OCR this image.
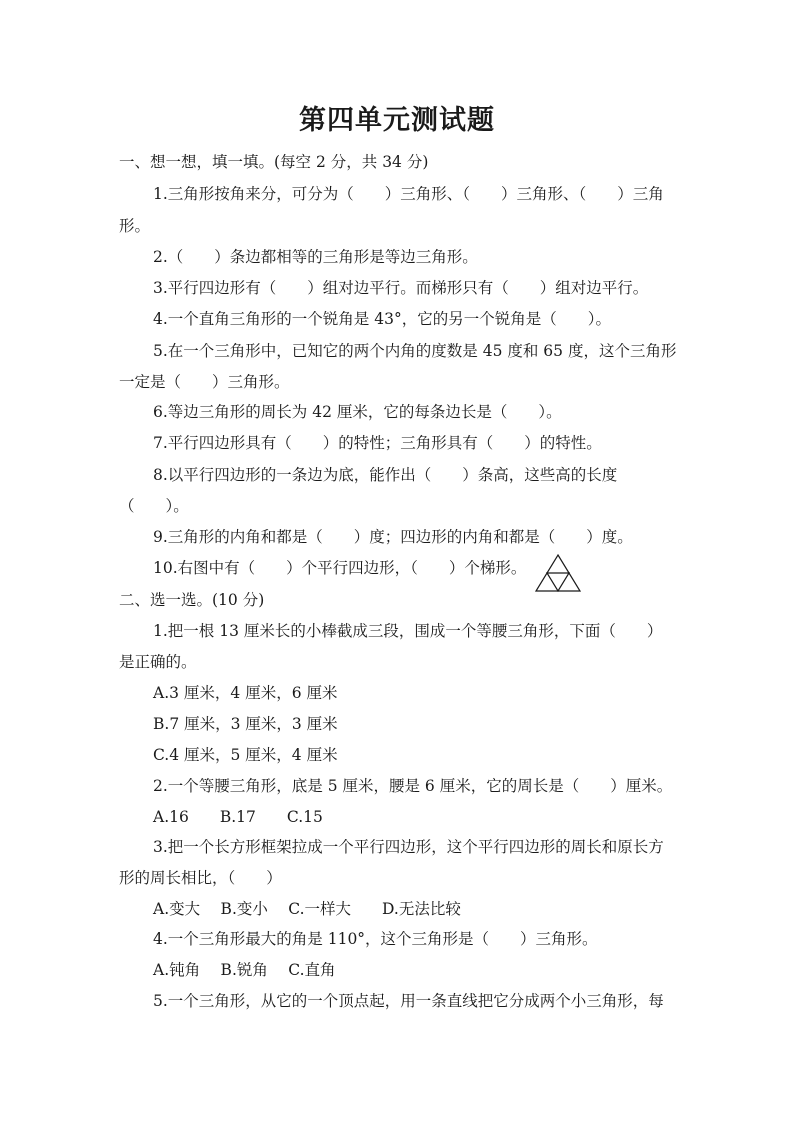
第四单元测试题
一、想一想，填一填。(每空 2 分，共 34 分)
1.三角形按角来分，可分为（　　）三角形、（　　）三角形、（　　）三角
形。
2.（　　）条边都相等的三角形是等边三角形。
3.平行四边形有（　　）组对边平行。而梯形只有（　　）组对边平行。
4.一个直角三角形的一个锐角是 43°，它的另一个锐角是（　　）。
5.在一个三角形中，已知它的两个内角的度数是 45 度和 65 度，这个三角形
一定是（　　）三角形。
6.等边三角形的周长为 42 厘米，它的每条边长是（　　）。
7.平行四边形具有（　　）的特性；三角形具有（　　）的特性。
8.以平行四边形的一条边为底，能作出（　　）条高，这些高的长度
（　　）。
9.三角形的内角和都是（　　）度；四边形的内角和都是（　　）度。
10.右图中有（　　）个平行四边形，（　　）个梯形。
二、选一选。(10 分)
1.把一根 13 厘米长的小棒截成三段，围成一个等腰三角形，下面（　　）
是正确的。
A.3 厘米，4 厘米，6 厘米
B.7 厘米，3 厘米，3 厘米
C.4 厘米，5 厘米，4 厘米
2.一个等腰三角形，底是 5 厘米，腰是 6 厘米，它的周长是（　　）厘米。
A.16　　B.17　　C.15
3.把一个长方形框架拉成一个平行四边形，这个平行四边形的周长和原长方
形的周长相比，（　　）
A.变大　 B.变小　 C.一样大　　D.无法比较
4.一个三角形最大的角是 110°，这个三角形是（　　）三角形。
A.钝角　 B.锐角　 C.直角
5.一个三角形，从它的一个顶点起，用一条直线把它分成两个小三角形，每
